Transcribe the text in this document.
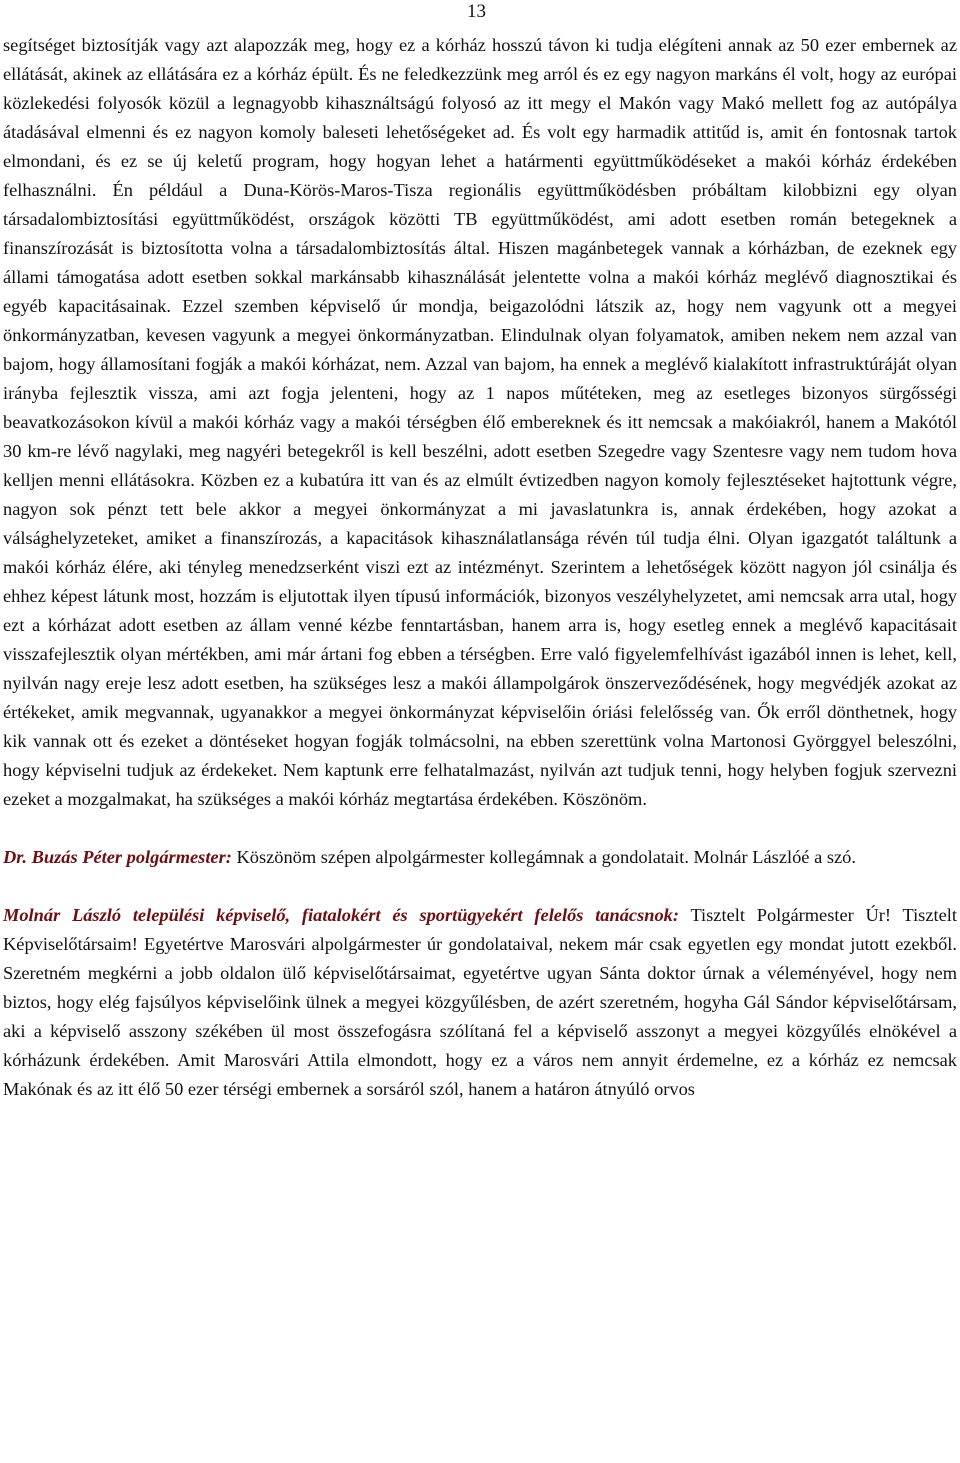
13

segítséget biztosítják vagy azt alapozzák meg, hogy ez a kórház hosszú távon ki tudja elégíteni annak az 50 ezer embernek az ellátását, akinek az ellátására ez a kórház épült. És ne feledkezzünk meg arról és ez egy nagyon markáns él volt, hogy az európai közlekedési folyosók közül a legnagyobb kihasználtságú folyosó az itt megy el Makón vagy Makó mellett fog az autópálya átadásával elmenni és ez nagyon komoly baleseti lehetőségeket ad. És volt egy harmadik attitűd is, amit én fontosnak tartok elmondani, és ez se új keletű program, hogy hogyan lehet a határmenti együttműködéseket a makói kórház érdekében felhasználni. Én például a Duna-Körös-Maros-Tisza regionális együttműködésben próbáltam kilobbizni egy olyan társadalombiztosítási együttműködést, országok közötti TB együttműködést, ami adott esetben román betegeknek a finanszírozását is biztosította volna a társadalombiztosítás által. Hiszen magánbetegek vannak a kórházban, de ezeknek egy állami támogatása adott esetben sokkal markánsabb kihasználását jelentette volna a makói kórház meglévő diagnosztikai és egyéb kapacitásainak. Ezzel szemben képviselő úr mondja, beigazolódni látszik az, hogy nem vagyunk ott a megyei önkormányzatban, kevesen vagyunk a megyei önkormányzatban. Elindulnak olyan folyamatok, amiben nekem nem azzal van bajom, hogy államosítani fogják a makói kórházat, nem. Azzal van bajom, ha ennek a meglévő kialakított infrastruktúráját olyan irányba fejlesztik vissza, ami azt fogja jelenteni, hogy az 1 napos műtéteken, meg az esetleges bizonyos sürgősségi beavatkozásokon kívül a makói kórház vagy a makói térségben élő embereknek és itt nemcsak a makóiakról, hanem a Makótól 30 km-re lévő nagylaki, meg nagyéri betegekről is kell beszélni, adott esetben Szegedre vagy Szentesre vagy nem tudom hova kelljen menni ellátásokra. Közben ez a kubatúra itt van és az elmúlt évtizedben nagyon komoly fejlesztéseket hajtottunk végre, nagyon sok pénzt tett bele akkor a megyei önkormányzat a mi javaslatunkra is, annak érdekében, hogy azokat a válsághelyzeteket, amiket a finanszírozás, a kapacitások kihasználatlansága révén túl tudja élni. Olyan igazgatót találtunk a makói kórház élére, aki tényleg menedzserként viszi ezt az intézményt. Szerintem a lehetőségek között nagyon jól csinálja és ehhez képest látunk most, hozzám is eljutottak ilyen típusú információk, bizonyos veszélyhelyzetet, ami nemcsak arra utal, hogy ezt a kórházat adott esetben az állam venné kézbe fenntartásban, hanem arra is, hogy esetleg ennek a meglévő kapacitásait visszafejlesztik olyan mértékben, ami már ártani fog ebben a térségben. Erre való figyelemfelhívást igazából innen is lehet, kell, nyilván nagy ereje lesz adott esetben, ha szükséges lesz a makói állampolgárok önszerveződésének, hogy megvédjék azokat az értékeket, amik megvannak, ugyanakkor a megyei önkormányzat képviselőin óriási felelősség van. Ők erről dönthetnek, hogy kik vannak ott és ezeket a döntéseket hogyan fogják tolmácsolni, na ebben szerettünk volna Martonosi Györggyel beleszólni, hogy képviselni tudjuk az érdekeket. Nem kaptunk erre felhatalmazást, nyilván azt tudjuk tenni, hogy helyben fogjuk szervezni ezeket a mozgalmakat, ha szükséges a makói kórház megtartása érdekében. Köszönöm.

Dr. Buzás Péter polgármester: Köszönöm szépen alpolgármester kollegámnak a gondolatait. Molnár Lászlóé a szó.

Molnár László települési képviselő, fiatalokért és sportügyekért felelős tanácsnok: Tisztelt Polgármester Úr! Tisztelt Képviselőtársaim! Egyetértve Marosvári alpolgármester úr gondolataival, nekem már csak egyetlen egy mondat jutott ezekből. Szeretném megkérni a jobb oldalon ülő képviselőtársaimat, egyetértve ugyan Sánta doktor úrnak a véleményével, hogy nem biztos, hogy elég fajsúlyos képviselőink ülnek a megyei közgyűlésben, de azért szeretném, hogyha Gál Sándor képviselőtársam, aki a képviselő asszony székében ül most összefogásra szólítaná fel a képviselő asszonyt a megyei közgyűlés elnökével a kórházunk érdekében. Amit Marosvári Attila elmondott, hogy ez a város nem annyit érdemelne, ez a kórház ez nemcsak Makónak és az itt élő 50 ezer térségi embernek a sorsáról szól, hanem a határon átnyúló orvos
